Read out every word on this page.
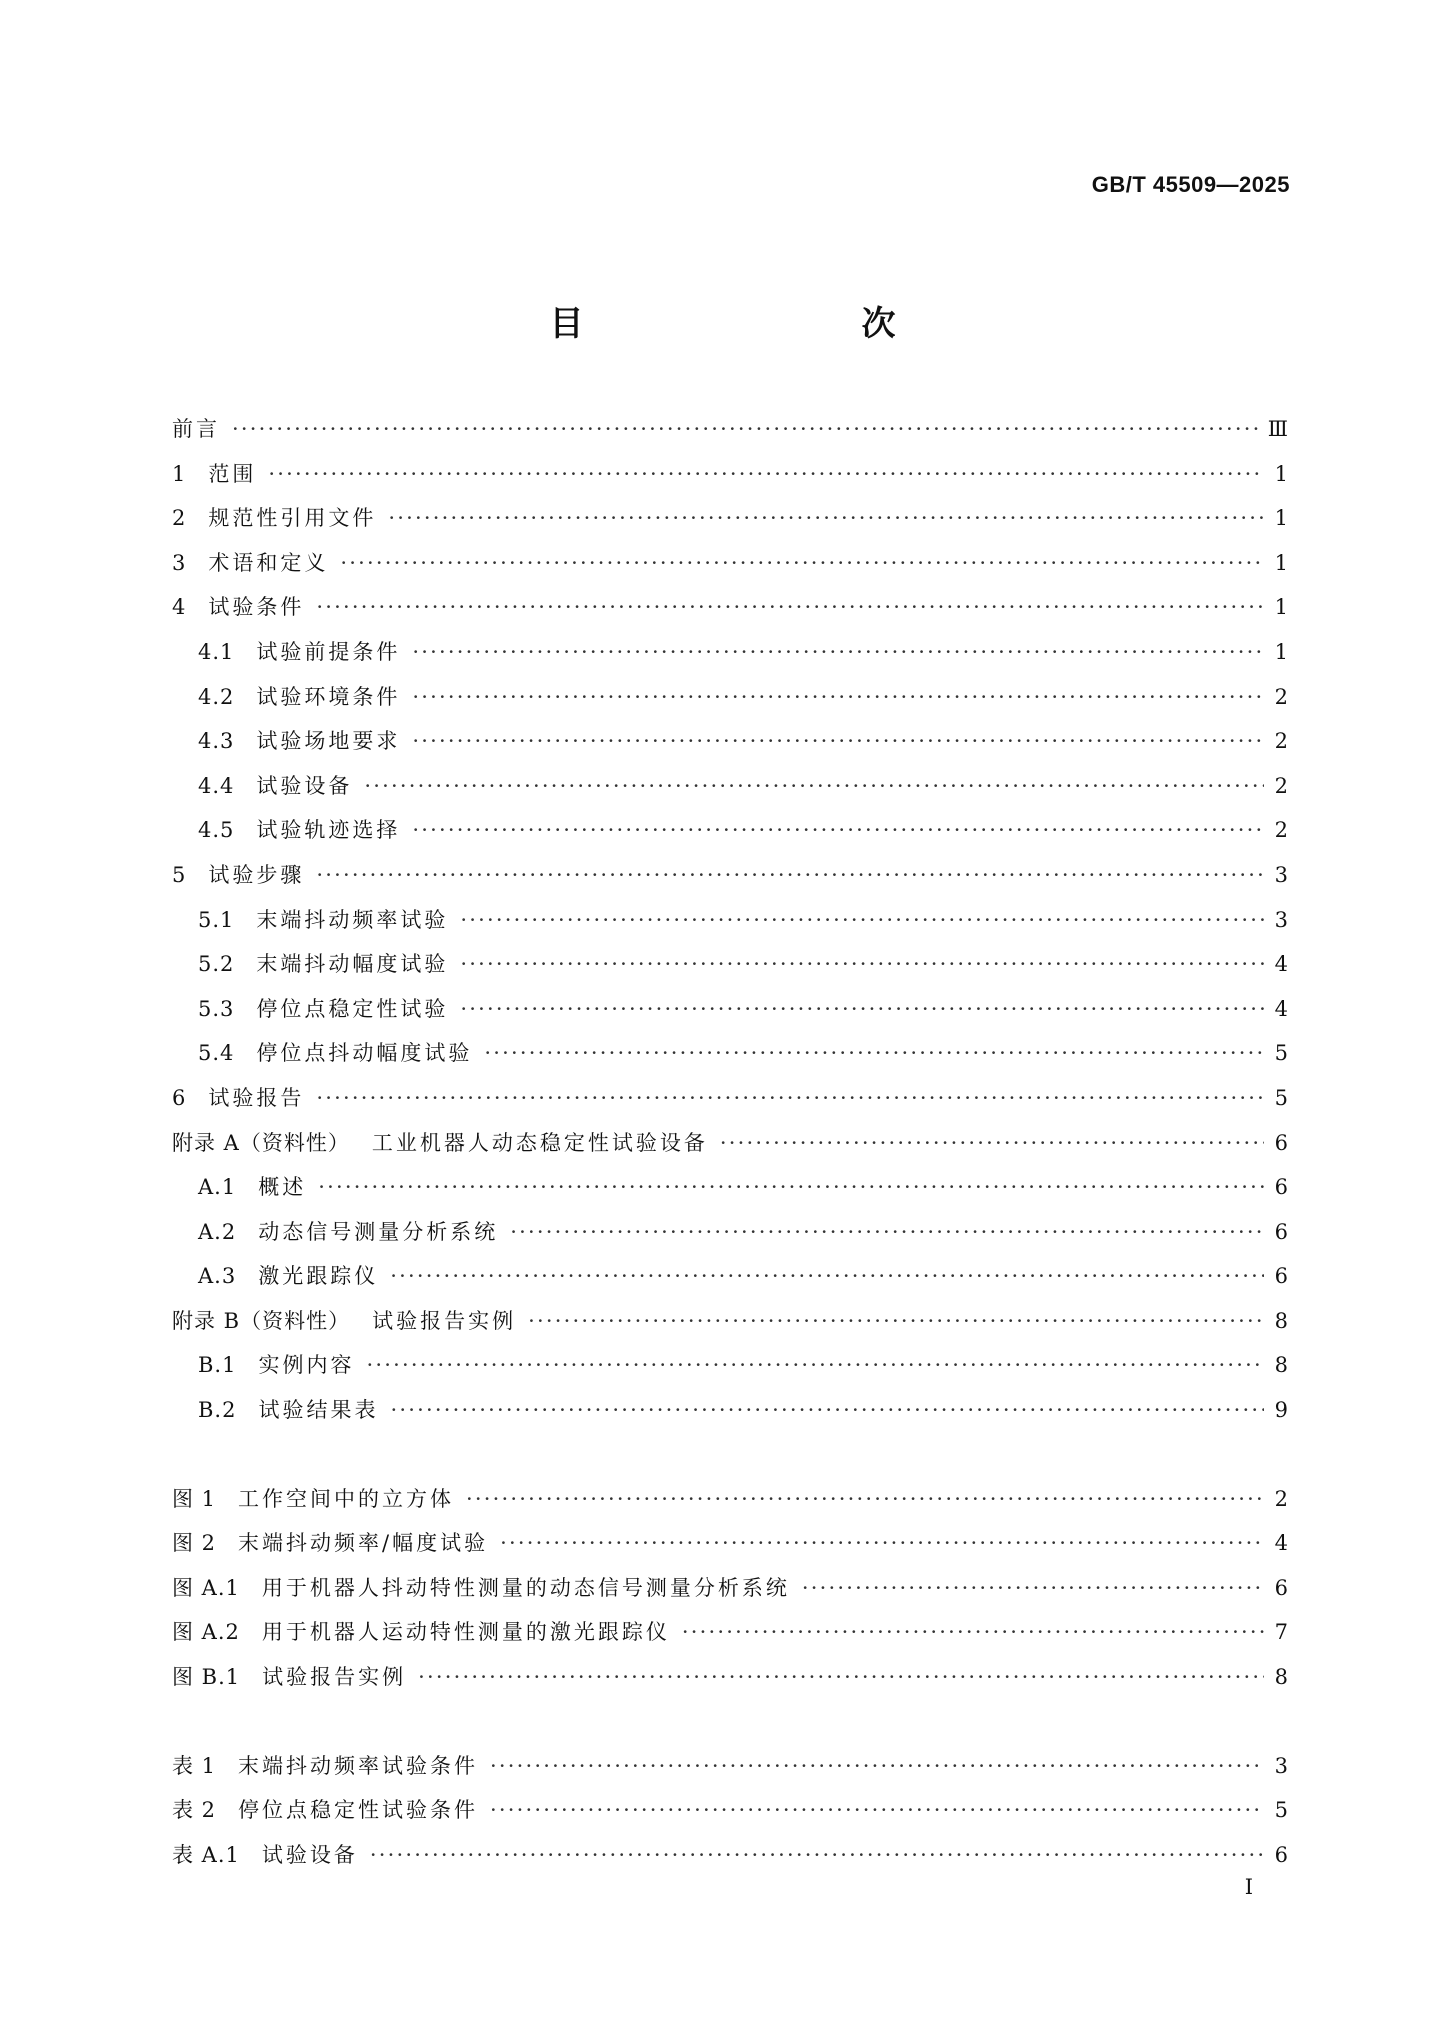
GB/T 45509—2025
目　　次
前言 ·····	Ⅲ
1 范围 ·····	1
2 规范性引用文件 ·····	1
3 术语和定义 ·····	1
4 试验条件 ·····	1
4.1 试验前提条件 ·····	1
4.2 试验环境条件 ·····	2
4.3 试验场地要求 ·····	2
4.4 试验设备 ·····	2
4.5 试验轨迹选择 ·····	2
5 试验步骤 ·····	3
5.1 末端抖动频率试验 ·····	3
5.2 末端抖动幅度试验 ·····	4
5.3 停位点稳定性试验 ·····	4
5.4 停位点抖动幅度试验 ·····	5
6 试验报告 ·····	5
附录 A（资料性） 工业机器人动态稳定性试验设备 ·····	6
A.1 概述 ·····	6
A.2 动态信号测量分析系统 ·····	6
A.3 激光跟踪仪 ·····	6
附录 B（资料性） 试验报告实例 ·····	8
B.1 实例内容 ·····	8
B.2 试验结果表 ·····	9
图 1 工作空间中的立方体 ·····	2
图 2 末端抖动频率/幅度试验 ·····	4
图 A.1 用于机器人抖动特性测量的动态信号测量分析系统 ·····	6
图 A.2 用于机器人运动特性测量的激光跟踪仪 ·····	7
图 B.1 试验报告实例 ·····	8
表 1 末端抖动频率试验条件 ·····	3
表 2 停位点稳定性试验条件 ·····	5
表 A.1 试验设备 ·····	6
Ⅰ
